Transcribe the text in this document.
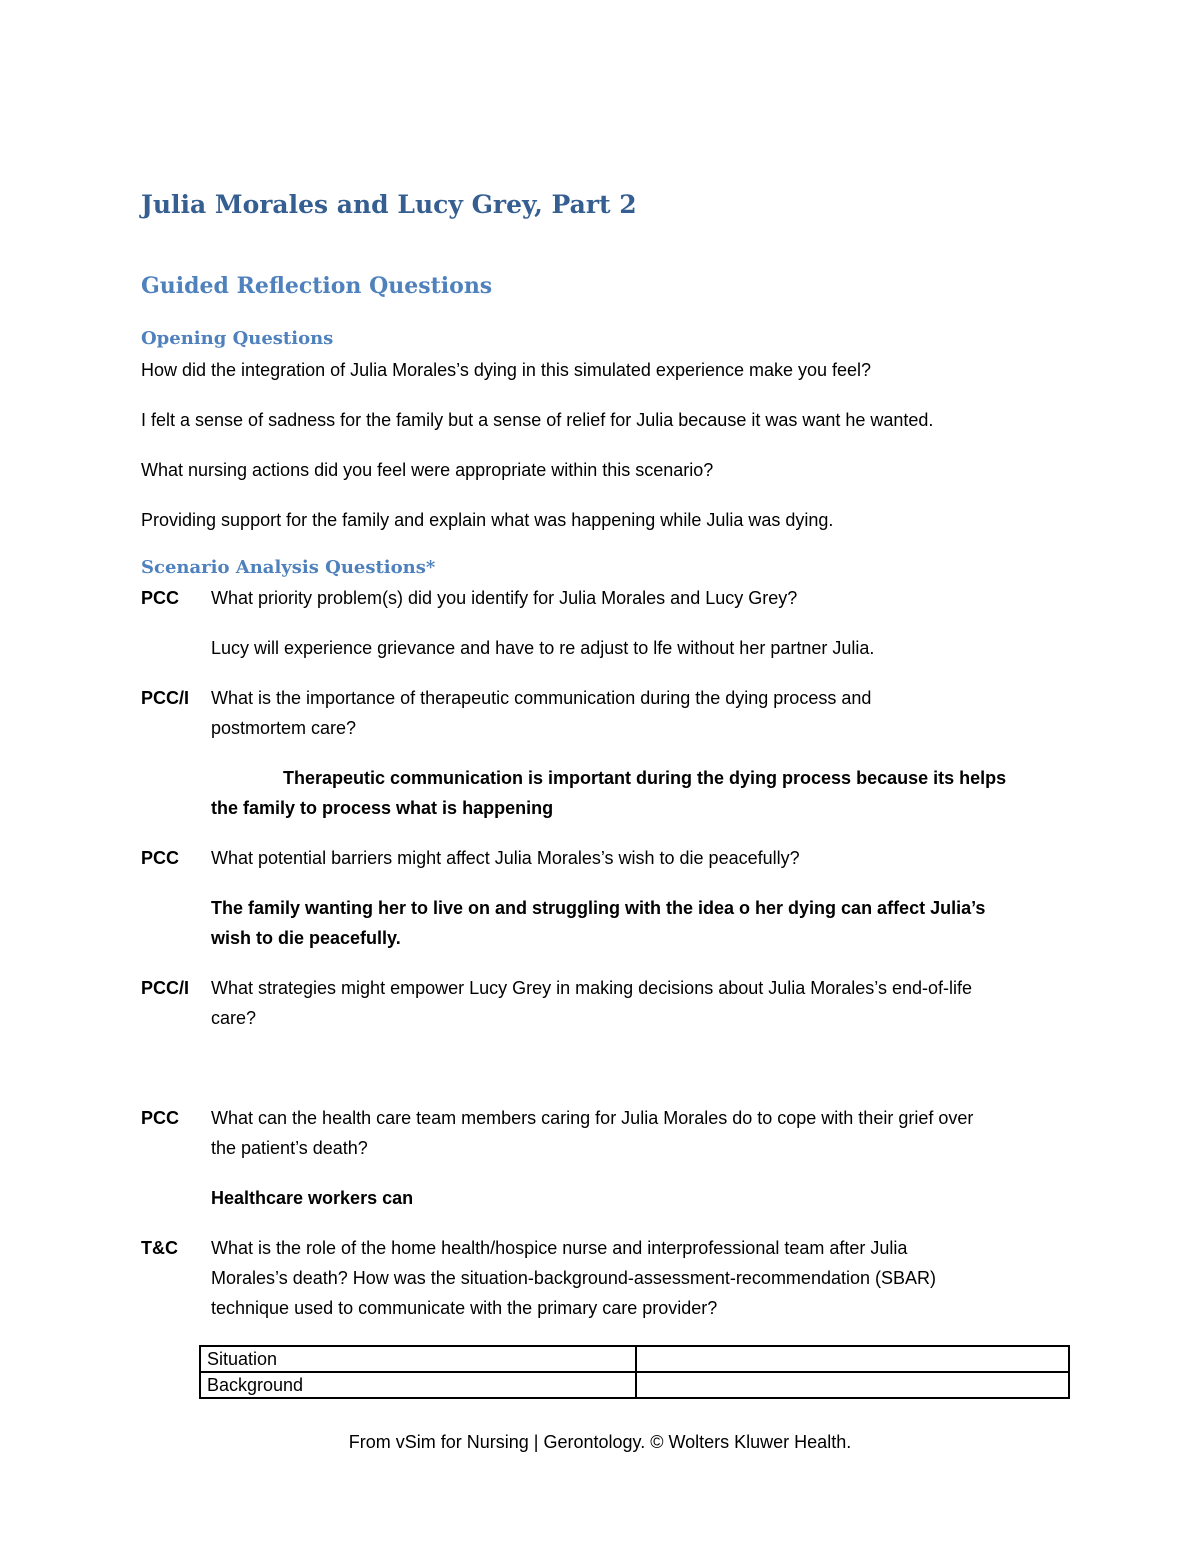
Julia Morales and Lucy Grey, Part 2
Guided Reflection Questions
Opening Questions
How did the integration of Julia Morales’s dying in this simulated experience make you feel?
I felt a sense of sadness for the family but a sense of relief for Julia because it was want he wanted.
What nursing actions did you feel were appropriate within this scenario?
Providing support for the family and explain what was happening while Julia was dying.
Scenario Analysis Questions*
PCC What priority problem(s) did you identify for Julia Morales and Lucy Grey?
Lucy will experience grievance and have to re adjust to lfe without her partner Julia.
PCC/I What is the importance of therapeutic communication during the dying process and
postmortem care?
Therapeutic communication is important during the dying process because its helps
the family to process what is happening
PCC What potential barriers might affect Julia Morales’s wish to die peacefully?
The family wanting her to live on and struggling with the idea o her dying can affect Julia’s
wish to die peacefully.
PCC/I What strategies might empower Lucy Grey in making decisions about Julia Morales’s end-of-life
care?
PCC What can the health care team members caring for Julia Morales do to cope with their grief over
the patient’s death?
Healthcare workers can
T&C What is the role of the home health/hospice nurse and interprofessional team after Julia
Morales’s death? How was the situation-background-assessment-recommendation (SBAR)
technique used to communicate with the primary care provider?
Situation	
Background	
From vSim for Nursing | Gerontology. © Wolters Kluwer Health.
